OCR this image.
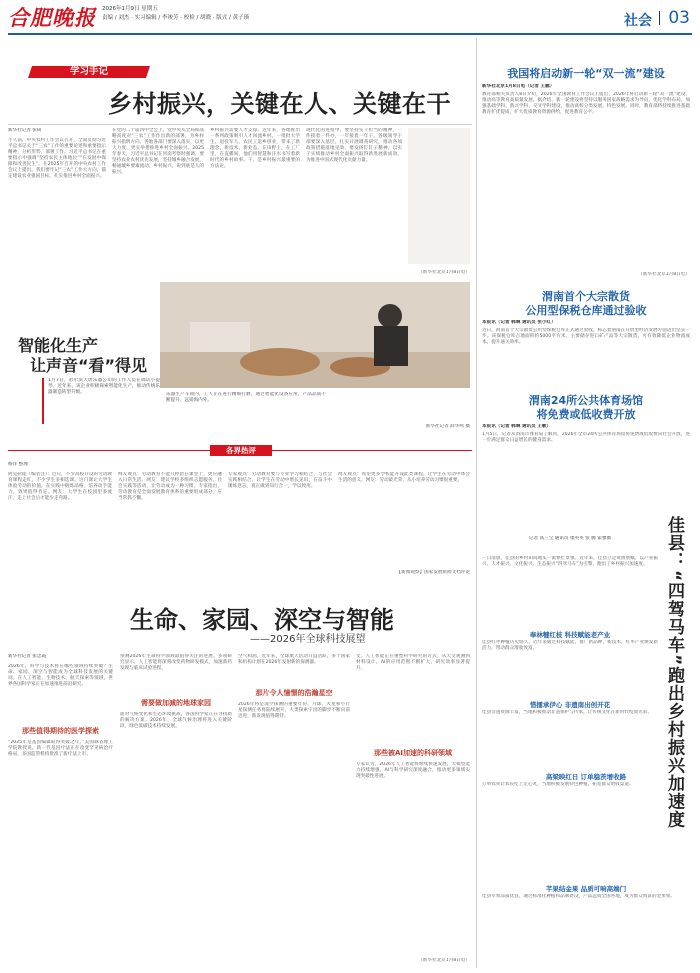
合肥晚报	2026年1月9日 星期五
责编 / 刘杰 · 实习编辑 / 李竣芳 · 校检 / 胡晓 · 版式 / 黄子瑛	社会 03
学习手记
乡村振兴，关键在人、关键在干
新华社记者 张研
不久前，中央农村工作会议召开，全面贯彻习近平总书记关于“三农”工作的重要论述和重要指示精神，分析形势、部署工作。习近平总书记在重要指示中强调“坚持农民主体地位”“在发展中保障和改善民生”。在2025年召开的中央农村工作会议上提出，我们要牢记“三农”工作大方向，锚定建设农业强国目标，扎实推进乡村全面振兴。
在党的二十届四中全会上，党中央从全局和战略高度对“三农”工作作出新的部署，为乡村振兴指明方向。各地各部门要深入落实，以更大力度、更实举措推进乡村全面振兴。2025年春天，习近平总书记在河南考察时强调，要坚持农业农村优先发展，坚持城乡融合发展，畅通城乡要素流动。乡村振兴，说到底是人的振兴。
乡村振兴需要人才支撑。近年来，各地推出一系列政策吸引人才回流乡村。一批批大学生、退役军人、农民工返乡创业，带来了新理念、新技术、新业态。在田野上，在工厂里，在直播间，他们用智慧和汗水书写着新时代的乡村故事。干，是乡村振兴最重要的方法论。
现代化的进程中，要坚持实干担当的精神，一件接着一件办，一年接着一年干。各级领导干部要深入基层，扎实开展调查研究，推动各项政策措施落地见效。要发扬钉钉子精神，以实干实绩推动乡村全面振兴取得新进展新成效，为推进中国式现代化贡献力量。
（新华社北京1月8日电）
智能化生产
让声音“看”得见
1月7日，哈尔滨大唐乐器公司的工作人员在调试小提琴。近年来，该企业积极探索智能化生产，推动传统乐器制造转型升级。	乐器生产车间内，工人正在进行精细打磨。通过智能化设备应用，产品品质不断提升，远销海内外。
新华社记者 薛华鸣 摄
各界热评
杨洋 整理
阿克拉提（编者注）：近日，不少高校开设的劳动教育课程走红，不少学生争相选课。这门课让大学生体验劳动的价值，在实践中锻炼品格，培养动手能力，效果值得肯定。网友：大学生在校园里多流汗，走上社会后才能少走弯路。
网友观点：劳动教育不能只停留在课堂上，更应融入日常生活。网友：建议学校多组织志愿服务、社会实践等活动，让劳动成为一种习惯。专家指出，劳动教育是全面发展教育体系的重要组成部分，应当常抓不懈。
专家观点：劳动教育要与专业学习相结合，与社会实践相结合，让学生在劳动中增长见识，在奋斗中锤炼意志，真正做到知行合一，学以致用。
网友观点：希望更多学校能开设此类课程，让学生在劳动中体会生活的意义。网友：劳动最光荣，从小培养劳动习惯很重要。
【新闻观察】国家发展新闻文档评论
生命、家园、深空与智能
——2026年全球科技展望
新华社记者 张忠霞
2026年，科学与技术将在哪些领域持续突破？生命、家园、深空与智能成为全球科技发展的关键词。在人工智能、生物技术、航天探索等领域，世界各国科学家正在加速推进前沿研究。
那些值得期待的医学探索
“2025年是基因编辑取得突破之年。”美国麻省理工学院教授说。新一代基因疗法正在改变罕见病治疗格局，多国监管机构批准了新疗法上市。
预测2026年生命科学领域最值得关注的进展。多项研究显示，人工智能将深刻改变药物研发模式，加速新药发现与临床试验进程。
需要做加减的地球家园
面对气候变化和生态环境挑战，各国科学家正在寻找新的解决方案。2026年，全球气候治理将进入关键阶段，绿色低碳技术持续发展。
空气和油。近年来，全球航天活动日益活跃，多个国家和机构计划在2026年发射新的探测器。
那片令人憧憬的浩瀚星空
2026年将是深空探测的重要年份。月球、火星和小行星探测任务将陆续展开，人类探索宇宙的脚步不断向前迈进，新发现值得期待。
文。人工智能正在重塑科学研究的方式，从天文观测到材料设计，AI的应用范围不断扩大，研究效率显著提升。
那些被AI加速的科研领域
专家认为，2026年人工智能将继续快速发展，大模型能力持续增强，AI与科学研究深度融合，推动更多领域实现突破性进展。
（新华社北京1月8日电）
我国将启动新一轮“双一流”建设
新华社北京1月8日电（记者 王鹏）
教育部相关负责人8日介绍，2026年全国教育工作会议上提出，2026年将启动新一轮“双一流”建设，推动高等教育高质量发展。据介绍，新一轮建设将坚持以服务国家战略需求为导向，优化学科布局，加强基础学科、新兴学科、交叉学科建设，推动高校分类发展、特色发展。同时，教育部将持续推进基础教育扩优提质，扩大优质教育资源供给，促进教育公平。
（新华社北京1月8日电）
渭南首个大宗散货
公用型保税仓库通过验收
本报讯（记者 韩琳 通讯员 张小红）
近日，渭南首个大宗散货公用型保税仓库正式通过验收，标志着渭南在开放型经济发展方面迈出坚实一步。该保税仓库占地面积约5000平方米，主要储存进口矿产品等大宗散货，可有效降低企业物流成本，提升通关效率。
渭南24所公共体育场馆
将免费或低收费开放
本报讯（记者 韩琳 通讯员 王敏）
1月5日，记者从渭南市体育局了解到，2026年全市24所公共体育场馆将免费或低收费向社会开放，进一步满足群众日益增长的健身需求。
佳县：“四驾马车”跑出乡村振兴加速度
记者 高三宝 通讯员 康英英 张 腾 霍雅薇
一日清晨，佳县的乡村田间地头一派繁忙景象。近年来，佳县立足资源禀赋，以产业振兴、人才振兴、文化振兴、生态振兴“四驾马车”为引擎，跑出了乡村振兴加速度。
奉林犍红枝 科技赋能老产业
佳县红枣种植历史悠久，近年来通过科技赋能，推广新品种、新技术，红枣产业焕发新活力，带动群众增收致富。
惜擂承伊心 非遗南出创开花
佳县非遗资源丰富，当地积极推动非遗保护与传承，让传统文化在新时代绽放光彩。
高梁映红日 订单稳茨增收路
订单农业让农民吃上定心丸，当地积极发展特色种植，拓宽群众增收渠道。
芊果结金果 品质可响高端门
佳县苹果品质优良，通过标准化种植和品牌建设，产品远销全国各地，成为群众致富的金果果。
